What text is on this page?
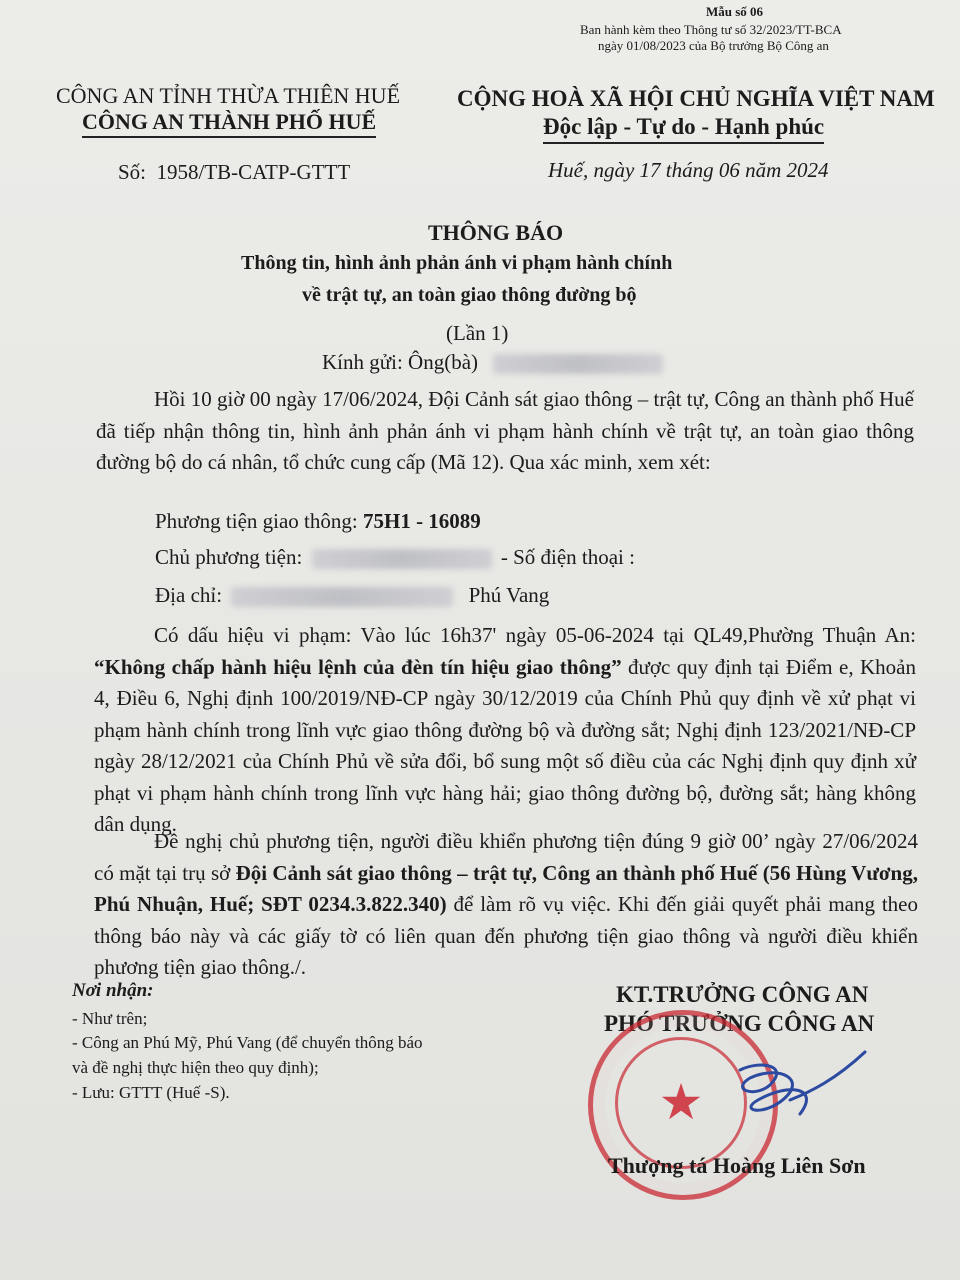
Mẫu số 06
Ban hành kèm theo Thông tư số 32/2023/TT-BCA
ngày 01/08/2023 của Bộ trưởng Bộ Công an
CÔNG AN TỈNH THỪA THIÊN HUẾ
CÔNG AN THÀNH PHỐ HUẾ
Số: 1958/TB-CATP-GTTT
CỘNG HOÀ XÃ HỘI CHỦ NGHĨA VIỆT NAM
Độc lập - Tự do - Hạnh phúc
Huế, ngày 17 tháng 06 năm 2024
THÔNG BÁO
Thông tin, hình ảnh phản ánh vi phạm hành chính
về trật tự, an toàn giao thông đường bộ
(Lần 1)
Kính gửi: Ông(bà)
Hồi 10 giờ 00 ngày 17/06/2024, Đội Cảnh sát giao thông – trật tự, Công an thành phố Huế đã tiếp nhận thông tin, hình ảnh phản ánh vi phạm hành chính về trật tự, an toàn giao thông đường bộ do cá nhân, tổ chức cung cấp (Mã 12). Qua xác minh, xem xét:
Phương tiện giao thông: 75H1 - 16089
Chủ phương tiện:	- Số điện thoại :
Địa chỉ:	Phú Vang
Có dấu hiệu vi phạm: Vào lúc 16h37' ngày 05-06-2024 tại QL49,Phường Thuận An: “Không chấp hành hiệu lệnh của đèn tín hiệu giao thông” được quy định tại Điểm e, Khoản 4, Điều 6, Nghị định 100/2019/NĐ-CP ngày 30/12/2019 của Chính Phủ quy định về xử phạt vi phạm hành chính trong lĩnh vực giao thông đường bộ và đường sắt; Nghị định 123/2021/NĐ-CP ngày 28/12/2021 của Chính Phủ về sửa đổi, bổ sung một số điều của các Nghị định quy định xử phạt vi phạm hành chính trong lĩnh vực hàng hải; giao thông đường bộ, đường sắt; hàng không dân dụng.
Đề nghị chủ phương tiện, người điều khiển phương tiện đúng 9 giờ 00’ ngày 27/06/2024 có mặt tại trụ sở Đội Cảnh sát giao thông – trật tự, Công an thành phố Huế (56 Hùng Vương, Phú Nhuận, Huế; SĐT 0234.3.822.340) để làm rõ vụ việc. Khi đến giải quyết phải mang theo thông báo này và các giấy tờ có liên quan đến phương tiện giao thông và người điều khiển phương tiện giao thông./.
Nơi nhận:
- Như trên;
- Công an Phú Mỹ, Phú Vang (để chuyển thông báo
và đề nghị thực hiện theo quy định);
- Lưu: GTTT (Huế -S).
KT.TRƯỞNG CÔNG AN
PHÓ TRƯỞNG CÔNG AN
★
Thượng tá Hoàng Liên Sơn
